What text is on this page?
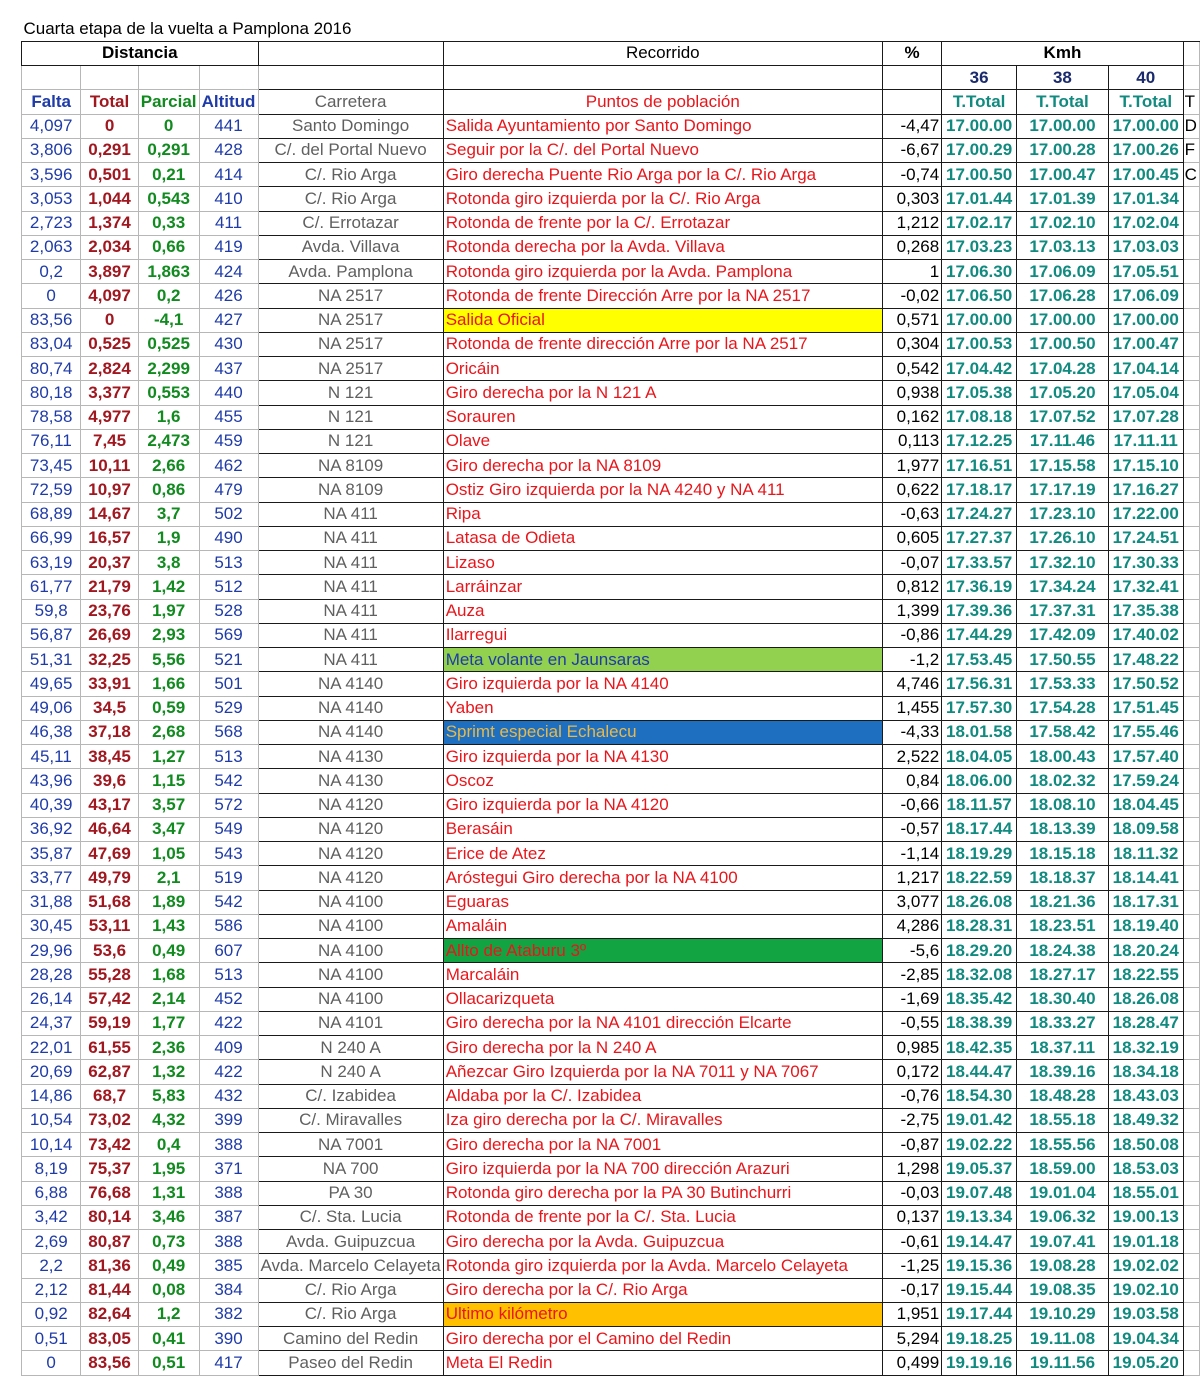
Cuarta etapa de la vuelta a Pamplona 2016										
Distancia					Recorrido	%	Kmh			
							36	38	40	
Falta	Total	Parcial	Altitud	Carretera	Puntos de población		T.Total	T.Total	T.Total	T
4,097	0	0	441	Santo Domingo	Salida Ayuntamiento por Santo Domingo	-4,47	17.00.00	17.00.00	17.00.00	D
3,806	0,291	0,291	428	C/. del Portal Nuevo	Seguir por la C/. del Portal Nuevo	-6,67	17.00.29	17.00.28	17.00.26	F
3,596	0,501	0,21	414	C/. Rio Arga	Giro derecha Puente Rio Arga por la C/. Rio Arga	-0,74	17.00.50	17.00.47	17.00.45	C
3,053	1,044	0,543	410	C/. Rio Arga	Rotonda giro izquierda por la C/. Rio Arga	0,303	17.01.44	17.01.39	17.01.34	
2,723	1,374	0,33	411	C/. Errotazar	Rotonda de frente por la C/. Errotazar	1,212	17.02.17	17.02.10	17.02.04	
2,063	2,034	0,66	419	Avda. Villava	Rotonda derecha por la Avda. Villava	0,268	17.03.23	17.03.13	17.03.03	
0,2	3,897	1,863	424	Avda. Pamplona	Rotonda giro izquierda por la Avda. Pamplona	1	17.06.30	17.06.09	17.05.51	
0	4,097	0,2	426	NA 2517	Rotonda de frente Dirección Arre por la NA 2517	-0,02	17.06.50	17.06.28	17.06.09	
83,56	0	-4,1	427	NA 2517	Salida Oficial	0,571	17.00.00	17.00.00	17.00.00	
83,04	0,525	0,525	430	NA 2517	Rotonda de frente dirección Arre por la NA 2517	0,304	17.00.53	17.00.50	17.00.47	
80,74	2,824	2,299	437	NA 2517	Oricáin	0,542	17.04.42	17.04.28	17.04.14	
80,18	3,377	0,553	440	N 121	Giro derecha por la N 121 A	0,938	17.05.38	17.05.20	17.05.04	
78,58	4,977	1,6	455	N 121	Sorauren	0,162	17.08.18	17.07.52	17.07.28	
76,11	7,45	2,473	459	N 121	Olave	0,113	17.12.25	17.11.46	17.11.11	
73,45	10,11	2,66	462	NA 8109	Giro derecha por la NA 8109	1,977	17.16.51	17.15.58	17.15.10	
72,59	10,97	0,86	479	NA 8109	Ostiz Giro izquierda por la NA 4240 y NA 411	0,622	17.18.17	17.17.19	17.16.27	
68,89	14,67	3,7	502	NA 411	Ripa	-0,63	17.24.27	17.23.10	17.22.00	
66,99	16,57	1,9	490	NA 411	Latasa de Odieta	0,605	17.27.37	17.26.10	17.24.51	
63,19	20,37	3,8	513	NA 411	Lizaso	-0,07	17.33.57	17.32.10	17.30.33	
61,77	21,79	1,42	512	NA 411	Larráinzar	0,812	17.36.19	17.34.24	17.32.41	
59,8	23,76	1,97	528	NA 411	Auza	1,399	17.39.36	17.37.31	17.35.38	
56,87	26,69	2,93	569	NA 411	Ilarregui	-0,86	17.44.29	17.42.09	17.40.02	
51,31	32,25	5,56	521	NA 411	Meta volante en Jaunsaras	-1,2	17.53.45	17.50.55	17.48.22	
49,65	33,91	1,66	501	NA 4140	Giro izquierda por la NA 4140	4,746	17.56.31	17.53.33	17.50.52	
49,06	34,5	0,59	529	NA 4140	Yaben	1,455	17.57.30	17.54.28	17.51.45	
46,38	37,18	2,68	568	NA 4140	Sprimt especial Echalecu	-4,33	18.01.58	17.58.42	17.55.46	
45,11	38,45	1,27	513	NA 4130	Giro izquierda por la NA 4130	2,522	18.04.05	18.00.43	17.57.40	
43,96	39,6	1,15	542	NA 4130	Oscoz	0,84	18.06.00	18.02.32	17.59.24	
40,39	43,17	3,57	572	NA 4120	Giro izquierda por la NA 4120	-0,66	18.11.57	18.08.10	18.04.45	
36,92	46,64	3,47	549	NA 4120	Berasáin	-0,57	18.17.44	18.13.39	18.09.58	
35,87	47,69	1,05	543	NA 4120	Erice de Atez	-1,14	18.19.29	18.15.18	18.11.32	
33,77	49,79	2,1	519	NA 4120	Aróstegui Giro derecha por la NA 4100	1,217	18.22.59	18.18.37	18.14.41	
31,88	51,68	1,89	542	NA 4100	Eguaras	3,077	18.26.08	18.21.36	18.17.31	
30,45	53,11	1,43	586	NA 4100	Amaláin	4,286	18.28.31	18.23.51	18.19.40	
29,96	53,6	0,49	607	NA 4100	Allto de Ataburu 3º	-5,6	18.29.20	18.24.38	18.20.24	
28,28	55,28	1,68	513	NA 4100	Marcaláin	-2,85	18.32.08	18.27.17	18.22.55	
26,14	57,42	2,14	452	NA 4100	Ollacarizqueta	-1,69	18.35.42	18.30.40	18.26.08	
24,37	59,19	1,77	422	NA 4101	Giro derecha por la NA 4101 dirección Elcarte	-0,55	18.38.39	18.33.27	18.28.47	
22,01	61,55	2,36	409	N 240 A	Giro derecha por la N 240 A	0,985	18.42.35	18.37.11	18.32.19	
20,69	62,87	1,32	422	N 240 A	Añezcar Giro Izquierda por la NA 7011 y NA 7067	0,172	18.44.47	18.39.16	18.34.18	
14,86	68,7	5,83	432	C/. Izabidea	Aldaba por la C/. Izabidea	-0,76	18.54.30	18.48.28	18.43.03	
10,54	73,02	4,32	399	C/. Miravalles	Iza giro derecha por la C/. Miravalles	-2,75	19.01.42	18.55.18	18.49.32	
10,14	73,42	0,4	388	NA 7001	Giro derecha por la NA 7001	-0,87	19.02.22	18.55.56	18.50.08	
8,19	75,37	1,95	371	NA 700	Giro izquierda por la NA 700 dirección Arazuri	1,298	19.05.37	18.59.00	18.53.03	
6,88	76,68	1,31	388	PA 30	Rotonda giro derecha por la PA 30 Butinchurri	-0,03	19.07.48	19.01.04	18.55.01	
3,42	80,14	3,46	387	C/. Sta. Lucia	Rotonda de frente por la C/. Sta. Lucia	0,137	19.13.34	19.06.32	19.00.13	
2,69	80,87	0,73	388	Avda. Guipuzcua	Giro derecha por la Avda. Guipuzcua	-0,61	19.14.47	19.07.41	19.01.18	
2,2	81,36	0,49	385	Avda. Marcelo Celayeta	Rotonda giro izquierda por la Avda. Marcelo Celayeta	-1,25	19.15.36	19.08.28	19.02.02	
2,12	81,44	0,08	384	C/. Rio Arga	Giro derecha por la C/. Rio Arga	-0,17	19.15.44	19.08.35	19.02.10	
0,92	82,64	1,2	382	C/. Rio Arga	Ultimo kilómetro	1,951	19.17.44	19.10.29	19.03.58	
0,51	83,05	0,41	390	Camino del Redin	Giro derecha por el Camino del Redin	5,294	19.18.25	19.11.08	19.04.34	
0	83,56	0,51	417	Paseo del Redin	Meta El Redin	0,499	19.19.16	19.11.56	19.05.20	
